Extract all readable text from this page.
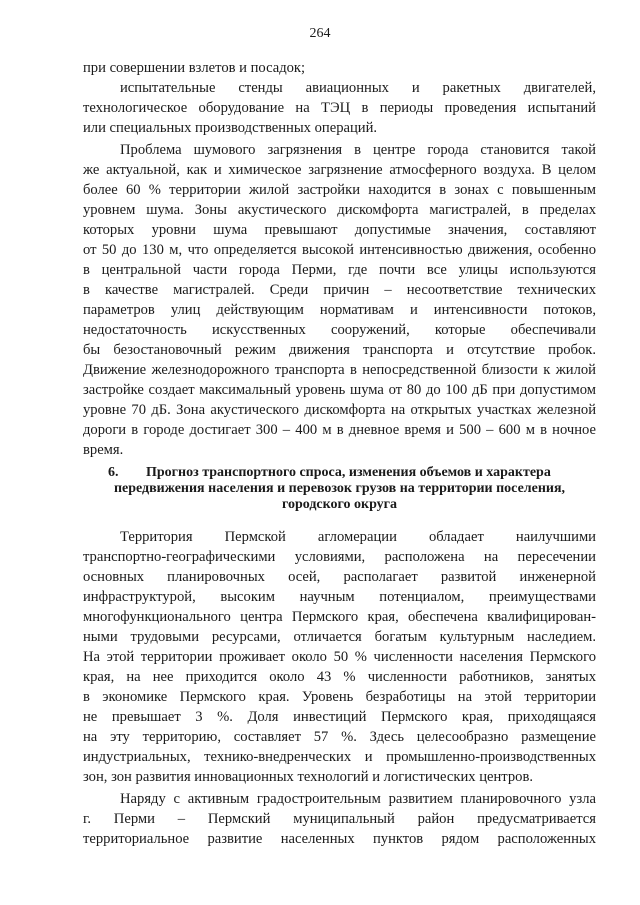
264
при совершении взлетов и посадок;
испытательные стенды авиационных и ракетных двигателей,
технологическое оборудование на ТЭЦ в периоды проведения испытаний
или специальных производственных операций.
Проблема шумового загрязнения в центре города становится такой
же актуальной, как и химическое загрязнение атмосферного воздуха. В целом
более 60 % территории жилой застройки находится в зонах с повышенным
уровнем шума. Зоны акустического дискомфорта магистралей, в пределах
которых уровни шума превышают допустимые значения, составляют
от 50 до 130 м, что определяется высокой интенсивностью движения, особенно
в центральной части города Перми, где почти все улицы используются
в качестве магистралей. Среди причин – несоответствие технических
параметров улиц действующим нормативам и интенсивности потоков,
недостаточность искусственных сооружений, которые обеспечивали
бы безостановочный режим движения транспорта и отсутствие пробок.
Движение железнодорожного транспорта в непосредственной близости к жилой
застройке создает максимальный уровень шума от 80 до 100 дБ при допустимом
уровне 70 дБ. Зона акустического дискомфорта на открытых участках железной
дороги в городе достигает 300 – 400 м в дневное время и 500 – 600 м в ночное
время.
6. Прогноз транспортного спроса, изменения объемов и характера
передвижения населения и перевозок грузов на территории поселения,
городского округа
Территория Пермской агломерации обладает наилучшими
транспортно-географическими условиями, расположена на пересечении
основных планировочных осей, располагает развитой инженерной
инфраструктурой, высоким научным потенциалом, преимуществами
многофункционального центра Пермского края, обеспечена квалифицирован-
ными трудовыми ресурсами, отличается богатым культурным наследием.
На этой территории проживает около 50 % численности населения Пермского
края, на нее приходится около 43 % численности работников, занятых
в экономике Пермского края. Уровень безработицы на этой территории
не превышает 3 %. Доля инвестиций Пермского края, приходящаяся
на эту территорию, составляет 57 %. Здесь целесообразно размещение
индустриальных, технико-внедренческих и промышленно-производственных
зон, зон развития инновационных технологий и логистических центров.
Наряду с активным градостроительным развитием планировочного узла
г. Перми – Пермский муниципальный район предусматривается
территориальное развитие населенных пунктов рядом расположенных
